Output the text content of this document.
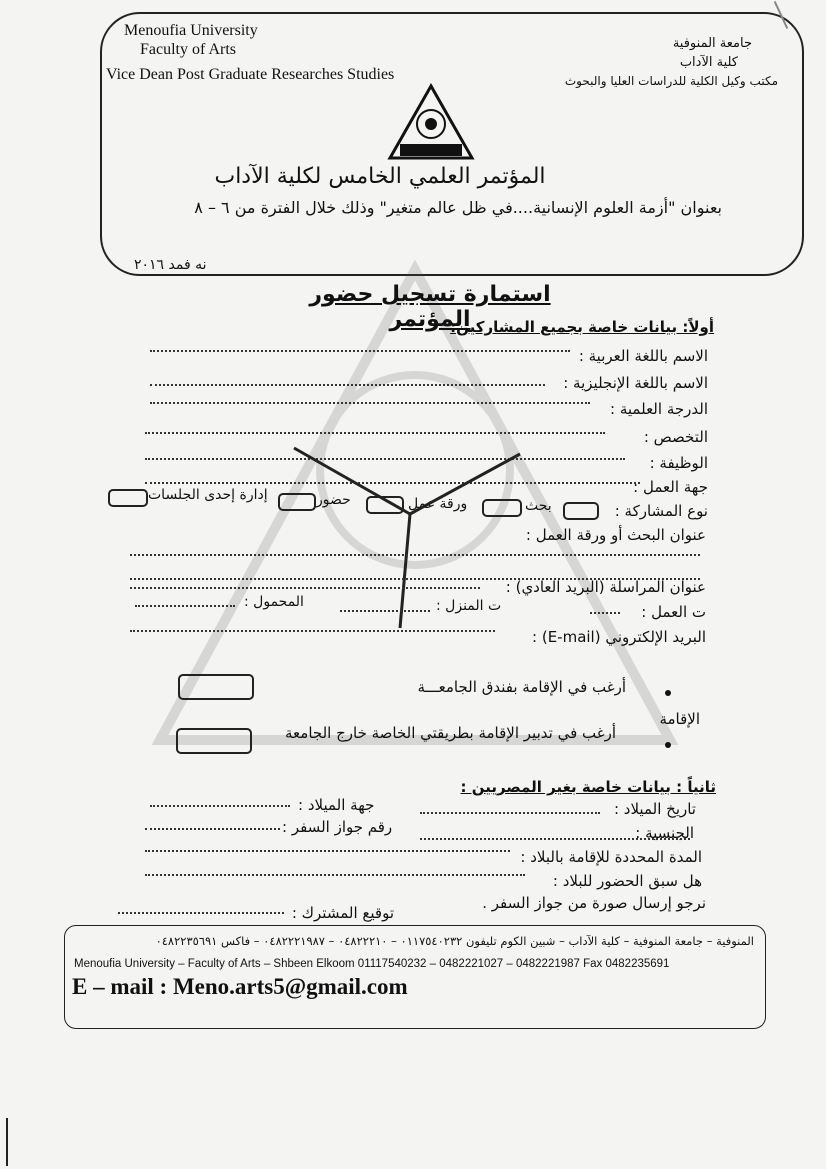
Menoufia University
Faculty of Arts
Vice Dean Post Graduate Researches Studies
جامعة المنوفية
كلية الآداب
مكتب وكيل الكلية للدراسات العليا والبحوث
المؤتمر العلمي الخامس لكلية الآداب
بعنوان "أزمة العلوم الإنسانية....في ظل عالم متغير" وذلك خلال الفترة من ٦ – ٨
نه فمد ٢٠١٦
استمارة تسجيل حضور المؤتمر
أولاً: بيانات خاصة بجميع المشاركين:
الاسم باللغة العربية :
الاسم باللغة الإنجليزية :
الدرجة العلمية :
التخصص :
الوظيفة :
جهة العمل :
نوع المشاركة :
بحث
ورقة عمل
حضور
إدارة إحدى الجلسات
عنوان البحث أو ورقة العمل :
عنوان المراسلة (البريد العادي) :
ت العمل :
ت المنزل :
المحمول :
البريد الإلكتروني (E-mail) :
أرغب في الإقامة بفندق الجامعـــة
الإقامة
أرغب في تدبير الإقامة بطريقتي الخاصة خارج الجامعة
ثانياً : بيانات خاصة بغير المصريين :
تاريخ الميلاد :
جهة الميلاد :
الجنسية :
رقم جواز السفر :
المدة المحددة للإقامة بالبلاد :
هل سبق الحضور للبلاد :
نرجو إرسال صورة من جواز السفر .
توقيع المشترك :
المنوفية – جامعة المنوفية – كلية الآداب – شبين الكوم تليفون ٠١١٧٥٤٠٢٣٢ – ٠٤٨٢٢٢١٠ – ٠٤٨٢٢٢١٩٨٧ – فاكس ٠٤٨٢٢٣٥٦٩١
Menoufia University – Faculty of Arts – Shbeen Elkoom 01117540232 – 0482221027 – 0482221987 Fax 0482235691
E – mail : Meno.arts5@gmail.com
